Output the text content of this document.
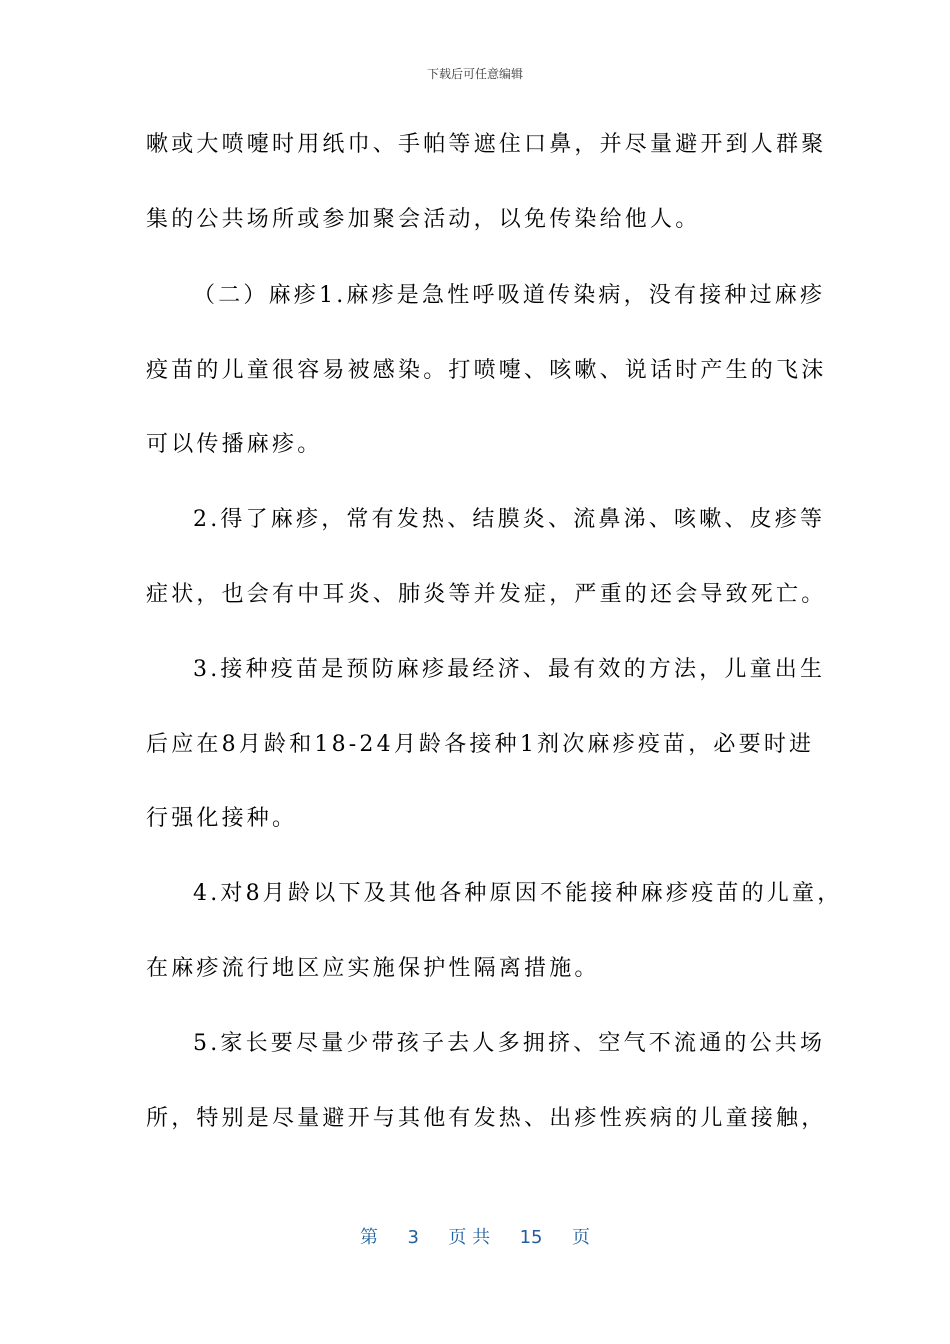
下载后可任意编辑
嗽或大喷嚏时用纸巾、手帕等遮住口鼻，并尽量避开到人群聚
集的公共场所或参加聚会活动，以免传染给他人。
（二）麻疹1.麻疹是急性呼吸道传染病，没有接种过麻疹
疫苗的儿童很容易被感染。打喷嚏、咳嗽、说话时产生的飞沫
可以传播麻疹。
2.得了麻疹，常有发热、结膜炎、流鼻涕、咳嗽、皮疹等
症状，也会有中耳炎、肺炎等并发症，严重的还会导致死亡。
3.接种疫苗是预防麻疹最经济、最有效的方法，儿童出生
后应在8月龄和18-24月龄各接种1剂次麻疹疫苗，必要时进
行强化接种。
4.对8月龄以下及其他各种原因不能接种麻疹疫苗的儿童，
在麻疹流行地区应实施保护性隔离措施。
5.家长要尽量少带孩子去人多拥挤、空气不流通的公共场
所，特别是尽量避开与其他有发热、出疹性疾病的儿童接触，
第 3 页 共 15 页
